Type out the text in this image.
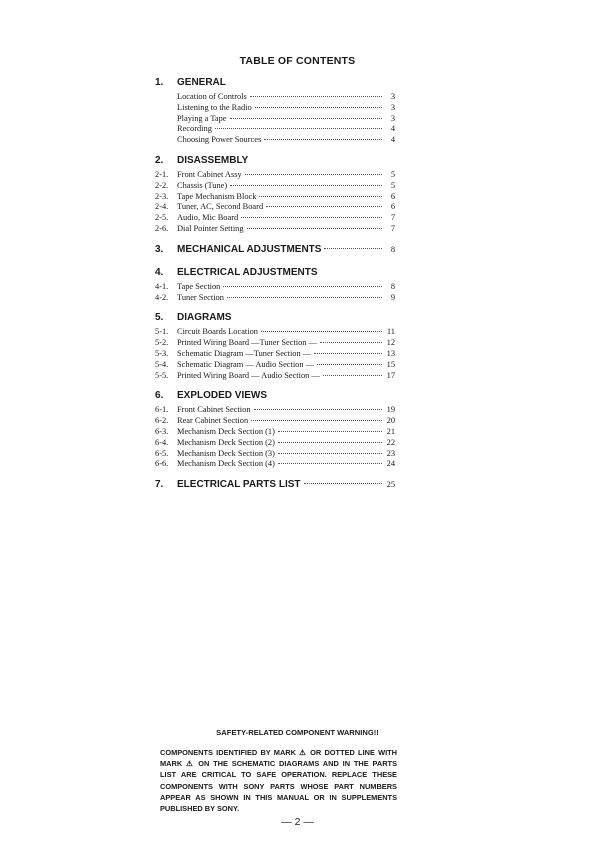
TABLE OF CONTENTS
1.	GENERAL
Location of Controls	3
Listening to the Radio	3
Playing a Tape	3
Recording	4
Choosing Power Sources	4
2.	DISASSEMBLY
2-1.	Front Cabinet Assy	5
2-2.	Chassis (Tune)	5
2-3.	Tape Mechanism Block	6
2-4.	Tuner, AC, Second Board	6
2-5.	Audio, Mic Board	7
2-6.	Dial Pointer Setting	7
3.	MECHANICAL ADJUSTMENTS	8
4.	ELECTRICAL ADJUSTMENTS
4-1.	Tape Section	8
4-2.	Tuner Section	9
5.	DIAGRAMS
5-1.	Circuit Boards Location	11
5-2.	Printed Wiring Board —Tuner Section —	12
5-3.	Schematic Diagram —Tuner Section —	13
5-4.	Schematic Diagram — Audio Section —	15
5-5.	Printed Wiring Board — Audio Section —	17
6.	EXPLODED VIEWS
6-1.	Front Cabinet Section	19
6-2.	Rear Cabinet Section	20
6-3.	Mechanism Deck Section (1)	21
6-4.	Mechanism Deck Section (2)	22
6-5.	Mechanism Deck Section (3)	23
6-6.	Mechanism Deck Section (4)	24
7.	ELECTRICAL PARTS LIST	25
SAFETY-RELATED COMPONENT WARNING!!
COMPONENTS IDENTIFIED BY MARK ⚠ OR DOTTED LINE WITH MARK ⚠ ON THE SCHEMATIC DIAGRAMS AND IN THE PARTS LIST ARE CRITICAL TO SAFE OPERATION. REPLACE THESE COMPONENTS WITH SONY PARTS WHOSE PART NUMBERS APPEAR AS SHOWN IN THIS MANUAL OR IN SUPPLEMENTS PUBLISHED BY SONY.
— 2 —
